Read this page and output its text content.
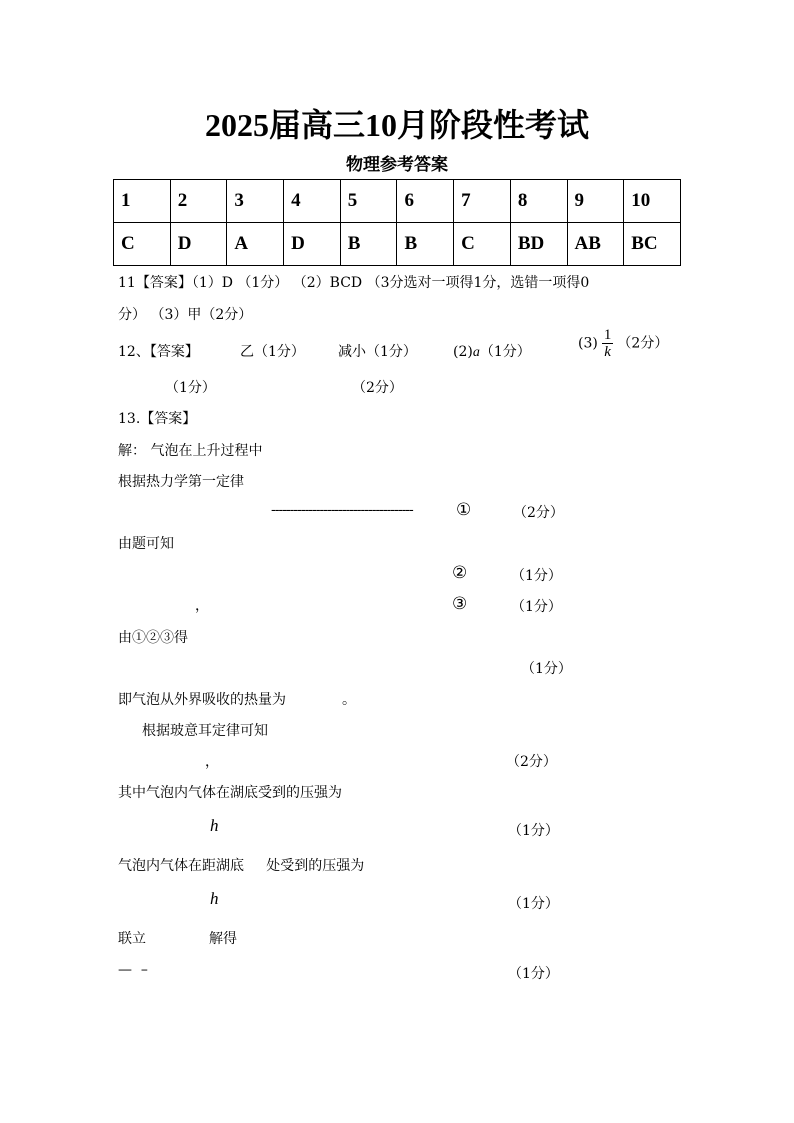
2025届高三10月阶段性考试
物理参考答案
1	2	3	4	5	6	7	8	9	10
C	D	A	D	B	B	C	BD	AB	BC
11【答案】（1）D （1分） （2）BCD （3分选对一项得1分，选错一项得0
分） （3）甲（2分）
12、【答案】	乙（1分） 减小（1分）	(2)a（1分）
$(3) \frac{1}{k} (2$分）
（1分）	（2分）
13.【答案】
解： 气泡在上升过程中
根据热力学第一定律
--------------------------------------	①	（2分）
由题可知
②	（1分）
，	③	（1分）
由①②③得
（1分）
即气泡从外界吸收的热量为	。
根据玻意耳定律可知
，	（2分）
其中气泡内气体在湖底受到的压强为
h	（1分）
气泡内气体在距湖底     处受到的压强为
h	（1分）
联立	解得
—  –	（1分）
